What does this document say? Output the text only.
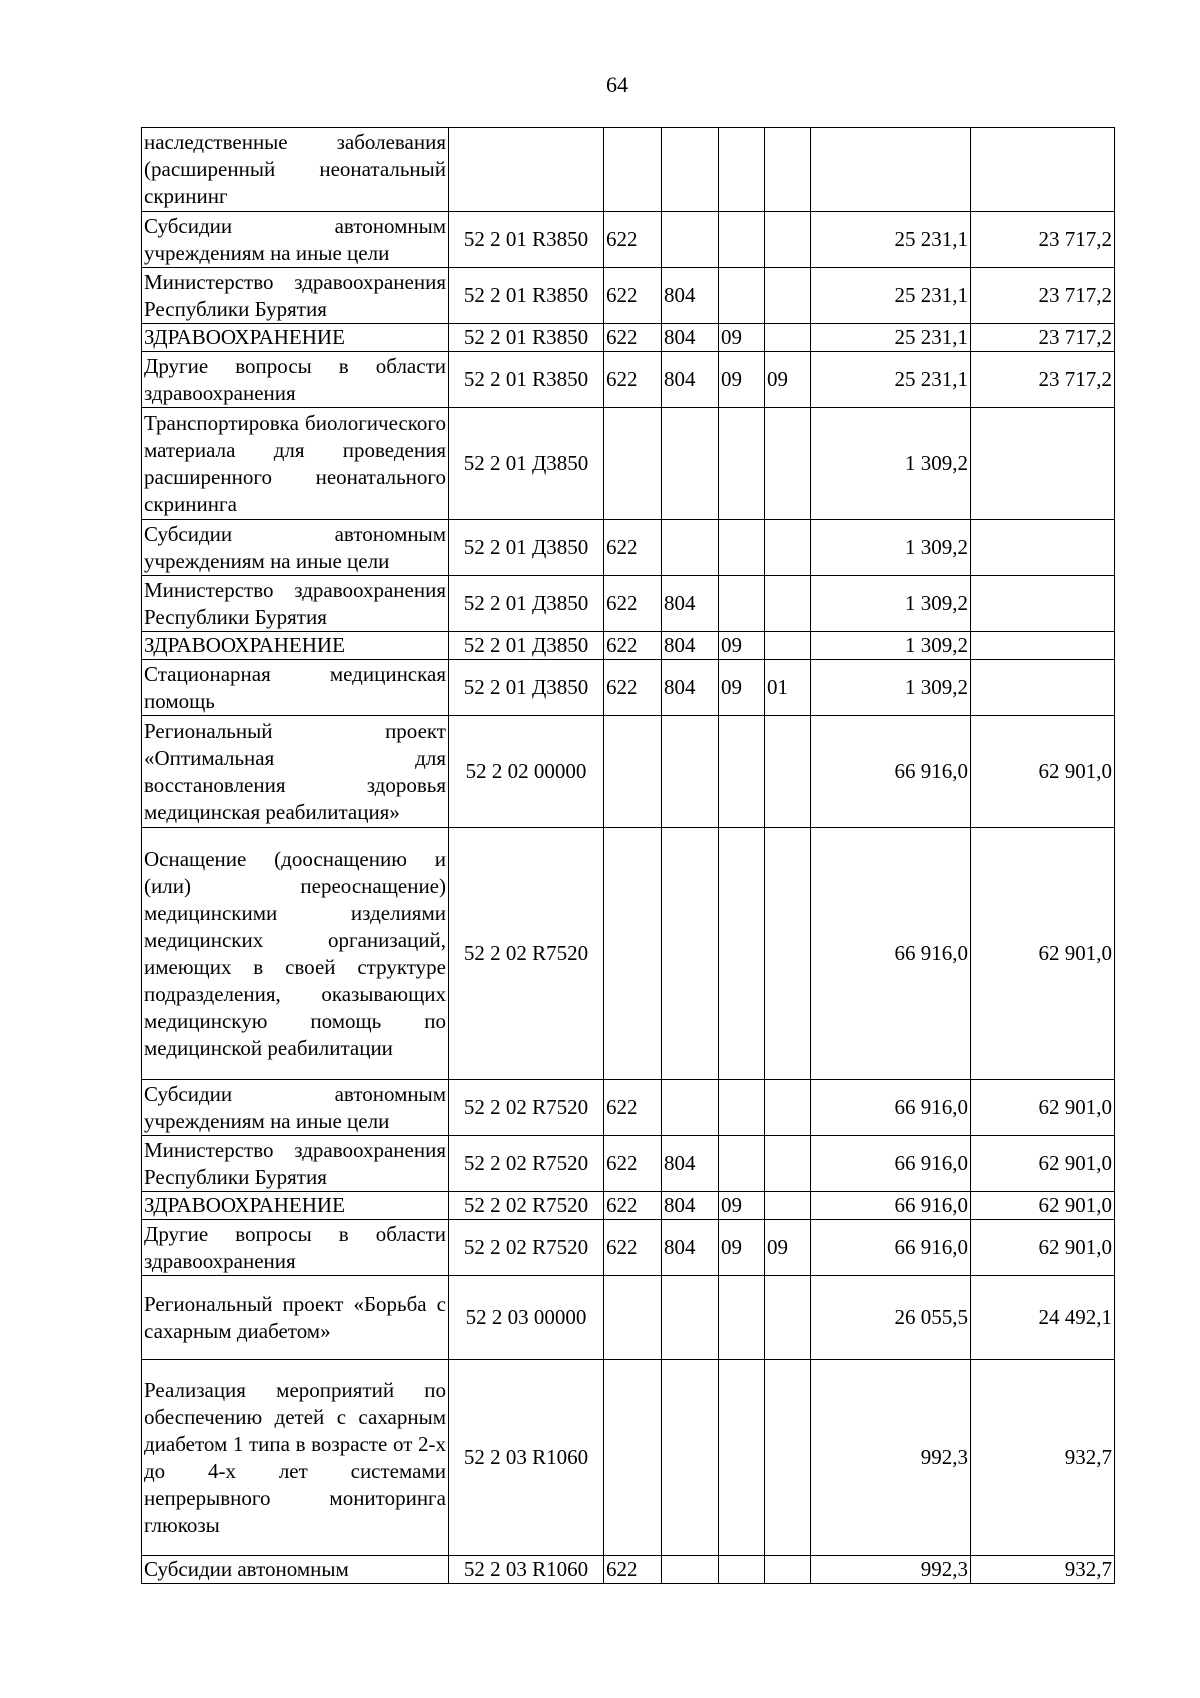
64
наследственные заболевания (расширенный неонатальный скрининг							
Субсидии автономным учреждениям на иные цели	52 2 01 R3850	622				25 231,1	23 717,2
Министерство здравоохранения Республики Бурятия	52 2 01 R3850	622	804			25 231,1	23 717,2
ЗДРАВООХРАНЕНИЕ	52 2 01 R3850	622	804	09		25 231,1	23 717,2
Другие вопросы в области здравоохранения	52 2 01 R3850	622	804	09	09	25 231,1	23 717,2
Транспортировка биологического материала для проведения расширенного неонатального скрининга	52 2 01 Д3850					1 309,2	
Субсидии автономным учреждениям на иные цели	52 2 01 Д3850	622				1 309,2	
Министерство здравоохранения Республики Бурятия	52 2 01 Д3850	622	804			1 309,2	
ЗДРАВООХРАНЕНИЕ	52 2 01 Д3850	622	804	09		1 309,2	
Стационарная медицинская помощь	52 2 01 Д3850	622	804	09	01	1 309,2	
Региональный проект «Оптимальная для восстановления здоровья медицинская реабилитация»	52 2 02 00000					66 916,0	62 901,0
Оснащение (дооснащению и (или) переоснащение) медицинскими изделиями медицинских организаций, имеющих в своей структуре подразделения, оказывающих медицинскую помощь по медицинской реабилитации	52 2 02 R7520					66 916,0	62 901,0
Субсидии автономным учреждениям на иные цели	52 2 02 R7520	622				66 916,0	62 901,0
Министерство здравоохранения Республики Бурятия	52 2 02 R7520	622	804			66 916,0	62 901,0
ЗДРАВООХРАНЕНИЕ	52 2 02 R7520	622	804	09		66 916,0	62 901,0
Другие вопросы в области здравоохранения	52 2 02 R7520	622	804	09	09	66 916,0	62 901,0
Региональный проект «Борьба с сахарным диабетом»	52 2 03 00000					26 055,5	24 492,1
Реализация мероприятий по обеспечению детей с сахарным диабетом 1 типа в возрасте от 2-х до 4-х лет системами непрерывного мониторинга глюкозы	52 2 03 R1060					992,3	932,7
Субсидии автономным	52 2 03 R1060	622				992,3	932,7
